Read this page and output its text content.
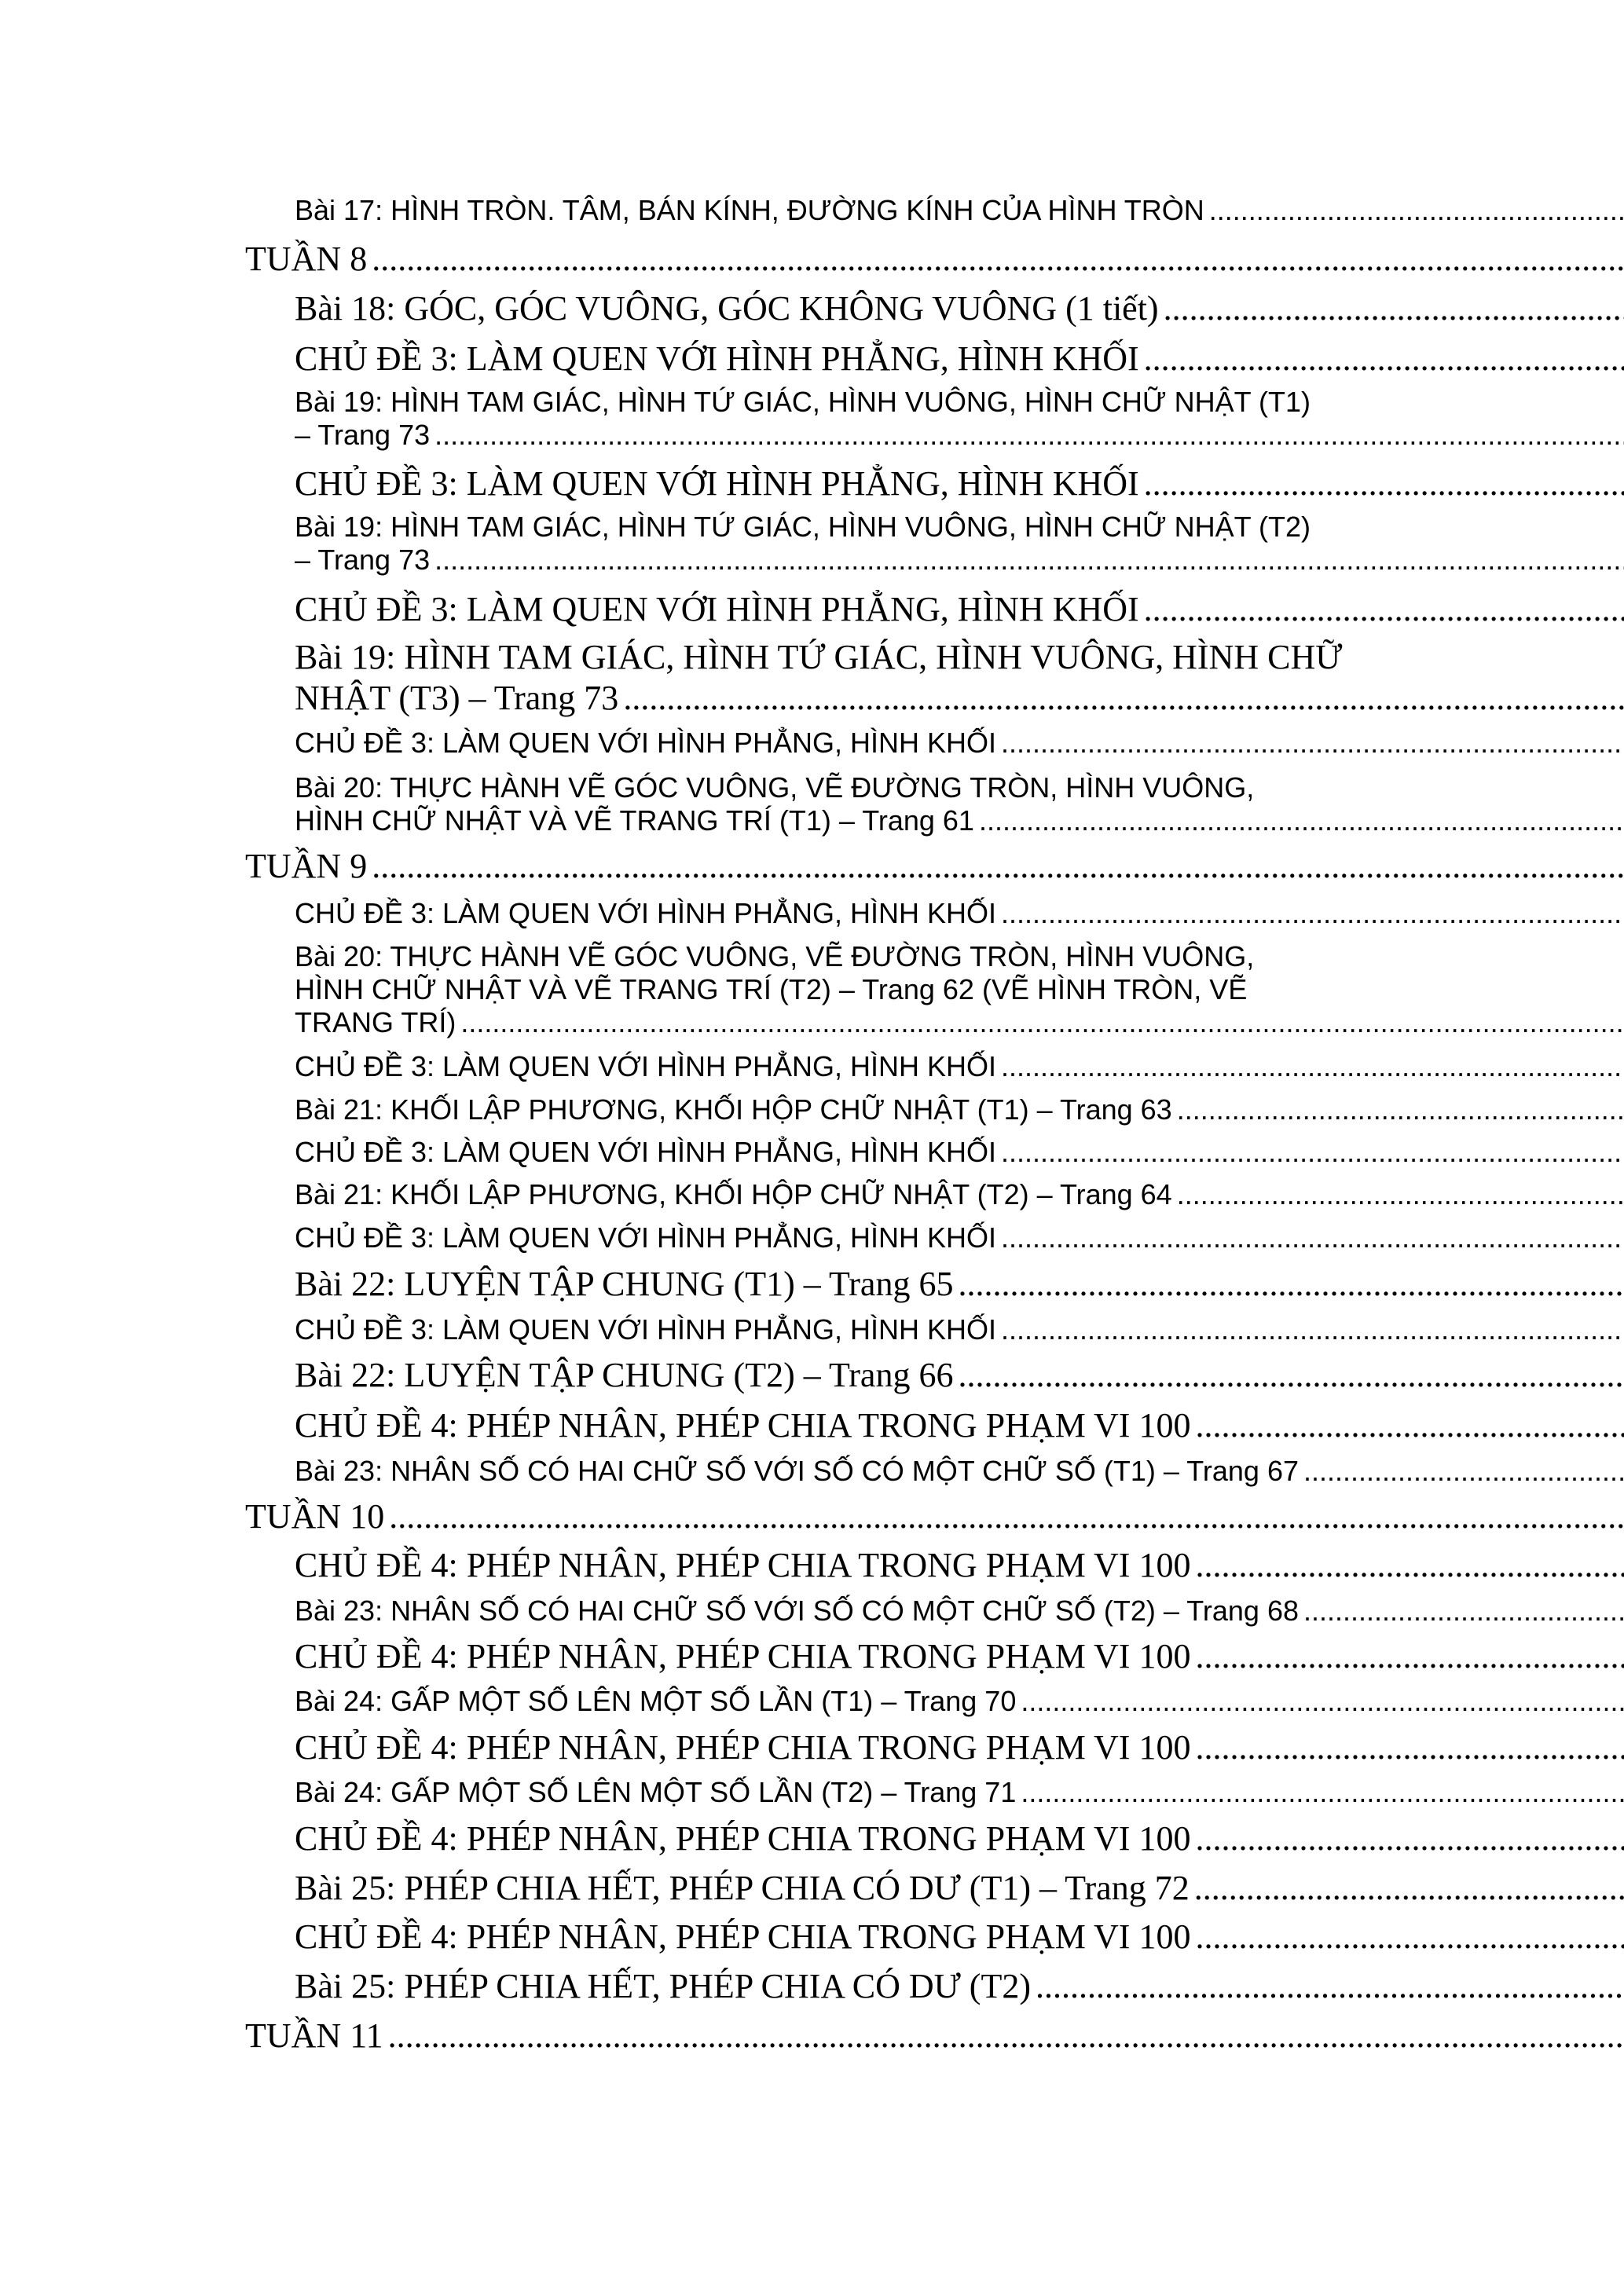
Bài 17: HÌNH TRÒN. TÂM, BÁN KÍNH, ĐƯỜNG KÍNH CỦA HÌNH TRÒN
.....
TUẦN 8
.....
Bài 18: GÓC, GÓC VUÔNG, GÓC KHÔNG VUÔNG (1 tiết)
.....
CHỦ ĐỀ 3: LÀM QUEN VỚI HÌNH PHẲNG, HÌNH KHỐI
.....
Bài 19: HÌNH TAM GIÁC, HÌNH TỨ GIÁC, HÌNH VUÔNG, HÌNH CHỮ NHẬT (T1)
– Trang 73
.....
CHỦ ĐỀ 3: LÀM QUEN VỚI HÌNH PHẲNG, HÌNH KHỐI
.....
Bài 19: HÌNH TAM GIÁC, HÌNH TỨ GIÁC, HÌNH VUÔNG, HÌNH CHỮ NHẬT (T2)
– Trang 73
.....
CHỦ ĐỀ 3: LÀM QUEN VỚI HÌNH PHẲNG, HÌNH KHỐI
.....
Bài 19: HÌNH TAM GIÁC, HÌNH TỨ GIÁC, HÌNH VUÔNG, HÌNH CHỮ
NHẬT (T3) – Trang 73
.....
CHỦ ĐỀ 3: LÀM QUEN VỚI HÌNH PHẲNG, HÌNH KHỐI
.....
Bài 20: THỰC HÀNH VẼ GÓC VUÔNG, VẼ ĐƯỜNG TRÒN, HÌNH VUÔNG,
HÌNH CHỮ NHẬT VÀ VẼ TRANG TRÍ (T1) – Trang 61
.....
TUẦN 9
.....
CHỦ ĐỀ 3: LÀM QUEN VỚI HÌNH PHẲNG, HÌNH KHỐI
.....
Bài 20: THỰC HÀNH VẼ GÓC VUÔNG, VẼ ĐƯỜNG TRÒN, HÌNH VUÔNG,
HÌNH CHỮ NHẬT VÀ VẼ TRANG TRÍ (T2) – Trang 62 (VẼ HÌNH TRÒN, VẼ
TRANG TRÍ)
.....
CHỦ ĐỀ 3: LÀM QUEN VỚI HÌNH PHẲNG, HÌNH KHỐI
.....
Bài 21: KHỐI LẬP PHƯƠNG, KHỐI HỘP CHỮ NHẬT (T1) – Trang 63
.....
CHỦ ĐỀ 3: LÀM QUEN VỚI HÌNH PHẲNG, HÌNH KHỐI
.....
Bài 21: KHỐI LẬP PHƯƠNG, KHỐI HỘP CHỮ NHẬT (T2) – Trang 64
.....
CHỦ ĐỀ 3: LÀM QUEN VỚI HÌNH PHẲNG, HÌNH KHỐI
.....
Bài 22: LUYỆN TẬP CHUNG (T1) – Trang 65
.....
CHỦ ĐỀ 3: LÀM QUEN VỚI HÌNH PHẲNG, HÌNH KHỐI
.....
Bài 22: LUYỆN TẬP CHUNG (T2) – Trang 66
.....
CHỦ ĐỀ 4: PHÉP NHÂN, PHÉP CHIA TRONG PHẠM VI 100
.....
Bài 23: NHÂN SỐ CÓ HAI CHỮ SỐ VỚI SỐ CÓ MỘT CHỮ SỐ (T1) – Trang 67
.....
TUẦN 10
.....
CHỦ ĐỀ 4: PHÉP NHÂN, PHÉP CHIA TRONG PHẠM VI 100
.....
Bài 23: NHÂN SỐ CÓ HAI CHỮ SỐ VỚI SỐ CÓ MỘT CHỮ SỐ (T2) – Trang 68
.....
CHỦ ĐỀ 4: PHÉP NHÂN, PHÉP CHIA TRONG PHẠM VI 100
.....
Bài 24: GẤP MỘT SỐ LÊN MỘT SỐ LẦN (T1) – Trang 70
.....
CHỦ ĐỀ 4: PHÉP NHÂN, PHÉP CHIA TRONG PHẠM VI 100
.....
Bài 24: GẤP MỘT SỐ LÊN MỘT SỐ LẦN (T2) – Trang 71
.....
CHỦ ĐỀ 4: PHÉP NHÂN, PHÉP CHIA TRONG PHẠM VI 100
.....
Bài 25: PHÉP CHIA HẾT, PHÉP CHIA CÓ DƯ (T1) – Trang 72
.....
CHỦ ĐỀ 4: PHÉP NHÂN, PHÉP CHIA TRONG PHẠM VI 100
.....
Bài 25: PHÉP CHIA HẾT, PHÉP CHIA CÓ DƯ (T2)
.....
TUẦN 11
.....
